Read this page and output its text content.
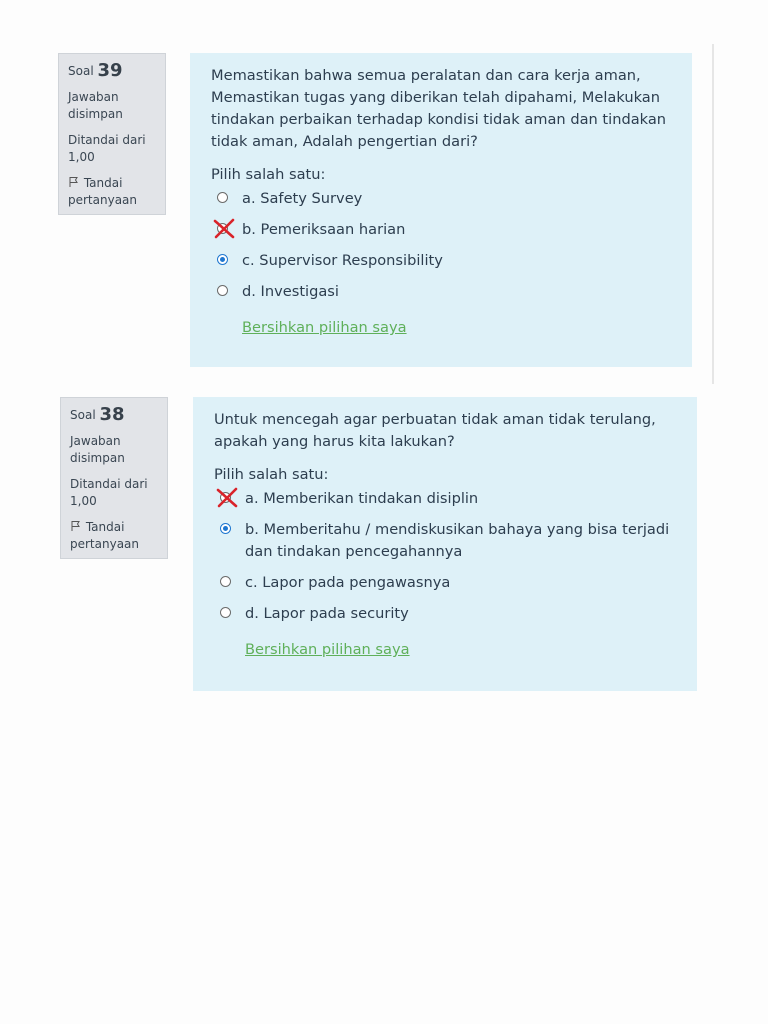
Soal 39

Jawaban disimpan

Ditandai dari 1,00

Tandai pertanyaan

Memastikan bahwa semua peralatan dan cara kerja aman, Memastikan tugas yang diberikan telah dipahami, Melakukan tindakan perbaikan terhadap kondisi tidak aman dan tindakan tidak aman, Adalah pengertian dari?

Pilih salah satu:

a. Safety Survey
b. Pemeriksaan harian
c. Supervisor Responsibility
d. Investigasi
Bersihkan pilihan saya

Soal 38

Jawaban disimpan

Ditandai dari 1,00

Tandai pertanyaan

Untuk mencegah agar perbuatan tidak aman tidak terulang, apakah yang harus kita lakukan?

Pilih salah satu:

a. Memberikan tindakan disiplin
b. Memberitahu / mendiskusikan bahaya yang bisa terjadi dan tindakan pencegahannya
c. Lapor pada pengawasnya
d. Lapor pada security
Bersihkan pilihan saya
